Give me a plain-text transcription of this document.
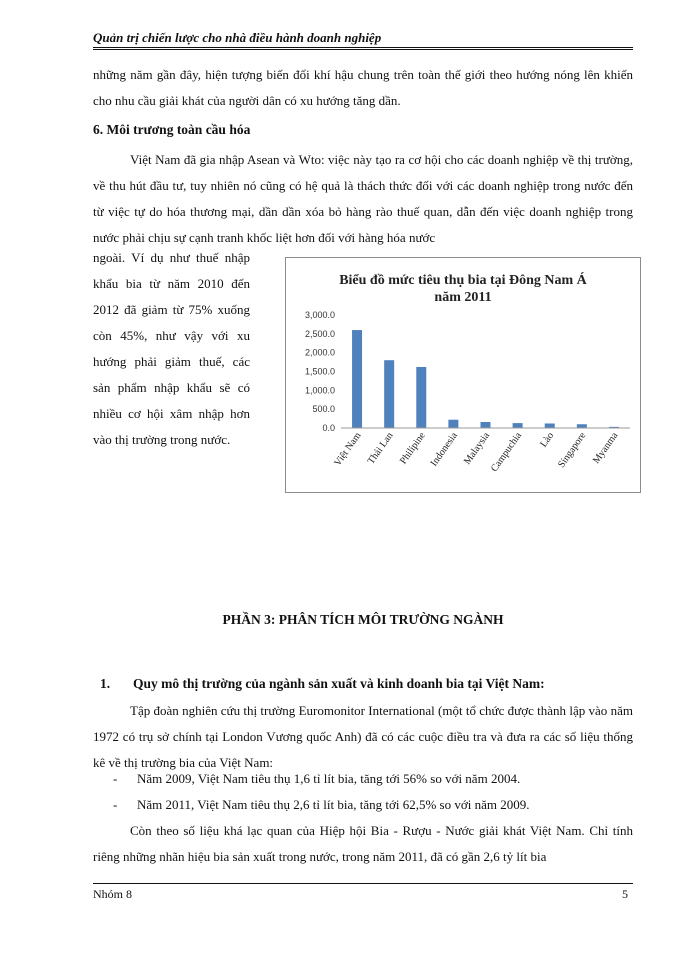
Quản trị chiến lược cho nhà điều hành doanh nghiệp
những năm gần đây, hiện tượng biến đổi khí hậu chung trên toàn thế giới theo hướng nóng lên khiến cho nhu cầu giải khát của người dân có xu hướng tăng dần.
6. Môi trương toàn cầu hóa
Việt Nam đã gia nhập Asean và Wto: việc này tạo ra cơ hội cho các doanh nghiệp về thị trường, về thu hút đầu tư, tuy nhiên nó cũng có hệ quả là thách thức đối với các doanh nghiệp trong nước đến từ việc tự do hóa thương mại, dần dần xóa bỏ hàng rào thuế quan, dẫn đến việc doanh nghiệp trong nước phải chịu sự cạnh tranh khốc liệt hơn đối với hàng hóa nước
ngoài. Ví dụ như thuế nhập khẩu bia từ năm 2010 đến 2012 đã giảm từ 75% xuống còn 45%, như vậy với xu hướng phải giảm thuế, các sản phẩm nhập khẩu sẽ có nhiều cơ hội xâm nhập hơn vào thị trường trong nước.
Biểu đồ mức tiêu thụ bia tại Đông Nam Á
năm 2011
3,000.0
2,500.0
2,000.0
1,500.0
1,000.0
500.0
0.0
Việt Nam Thái Lan Philipine Indonesia Malaysia
Campuchia Lào Singapore Myanma
PHẦN 3: PHÂN TÍCH MÔI TRƯỜNG NGÀNH
1. Quy mô thị trường của ngành sản xuất và kinh doanh bia tại Việt Nam:
Tập đoàn nghiên cứu thị trường Euromonitor International (một tổ chức được thành lập vào năm 1972 có trụ sở chính tại London Vương quốc Anh) đã có các cuộc điều tra và đưa ra các số liệu thống kê về thị trường bia của Việt Nam:
-	Năm 2009, Việt Nam tiêu thụ 1,6 tỉ lít bia, tăng tới 56% so với năm 2004.
-	Năm 2011, Việt Nam tiêu thụ 2,6 tỉ lít bia, tăng tới 62,5% so với năm 2009.
Còn theo số liệu khá lạc quan của Hiệp hội Bia - Rượu - Nước giải khát Việt Nam. Chỉ tính riêng những nhãn hiệu bia sản xuất trong nước, trong năm 2011, đã có gần 2,6 tỷ lít bia
Nhóm 8	5
